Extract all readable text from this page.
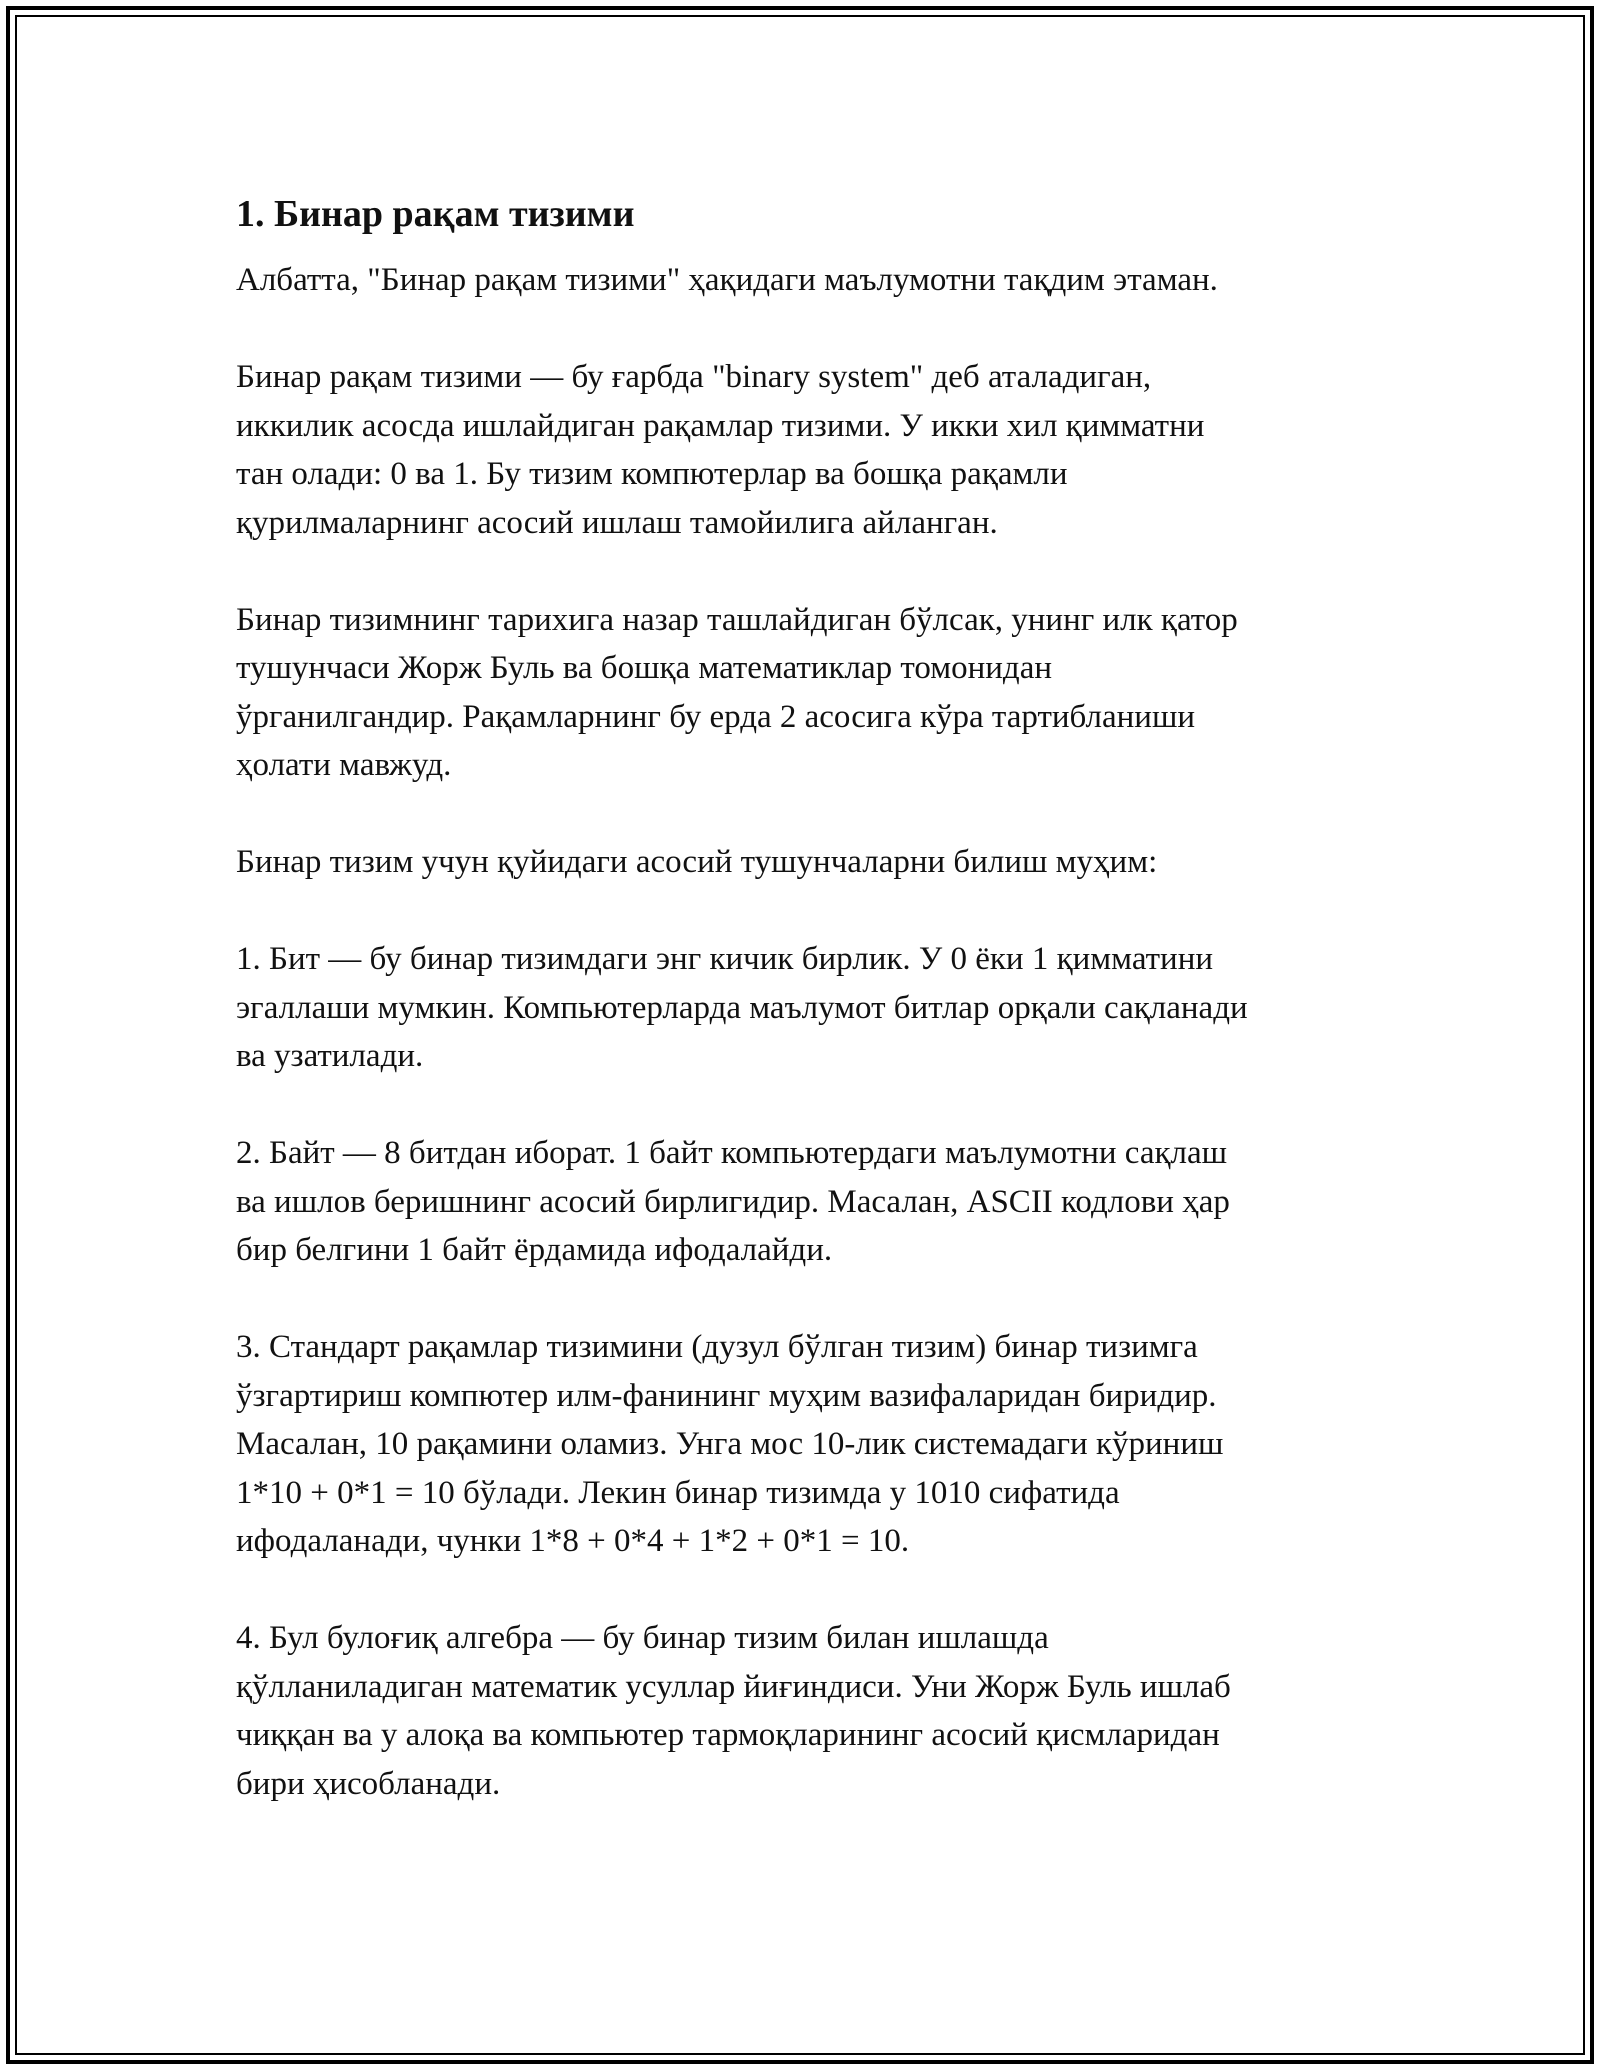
1. Бинар рақам тизими
Албатта, "Бинар рақам тизими" ҳақидаги маълумотни тақдим этаман.
Бинар рақам тизими — бу ғарбда "binary system" деб аталадиган,
иккилик асосда ишлайдиган рақамлар тизими. У икки хил қимматни
тан олади: 0 ва 1. Бу тизим компютерлар ва бошқа рақамли
қурилмаларнинг асосий ишлаш тамойилига айланган.
Бинар тизимнинг тарихига назар ташлайдиган бўлсак, унинг илк қатор
тушунчаси Жорж Буль ва бошқа математиклар томонидан
ўрганилгандир. Рақамларнинг бу ерда 2 асосига кўра тартибланиши
ҳолати мавжуд.
Бинар тизим учун қуйидаги асосий тушунчаларни билиш муҳим:
1. Бит — бу бинар тизимдаги энг кичик бирлик. У 0 ёки 1 қимматини
эгаллаши мумкин. Компьютерларда маълумот битлар орқали сақланади
ва узатилади.
2. Байт — 8 битдан иборат. 1 байт компьютердаги маълумотни сақлаш
ва ишлов беришнинг асосий бирлигидир. Масалан, ASCII кодлови ҳар
бир белгини 1 байт ёрдамида ифодалайди.
3. Стандарт рақамлар тизимини (дузул бўлган тизим) бинар тизимга
ўзгартириш компютер илм-фанининг муҳим вазифаларидан биридир.
Масалан, 10 рақамини оламиз. Унга мос 10-лик системадаги кўриниш
1*10 + 0*1 = 10 бўлади. Лекин бинар тизимда у 1010 сифатида
ифодаланади, чунки 1*8 + 0*4 + 1*2 + 0*1 = 10.
4. Бул булоғиқ алгебра — бу бинар тизим билан ишлашда
қўлланиладиган математик усуллар йиғиндиси. Уни Жорж Буль ишлаб
чиққан ва у алоқа ва компьютер тармоқларининг асосий қисмларидан
бири ҳисобланади.
